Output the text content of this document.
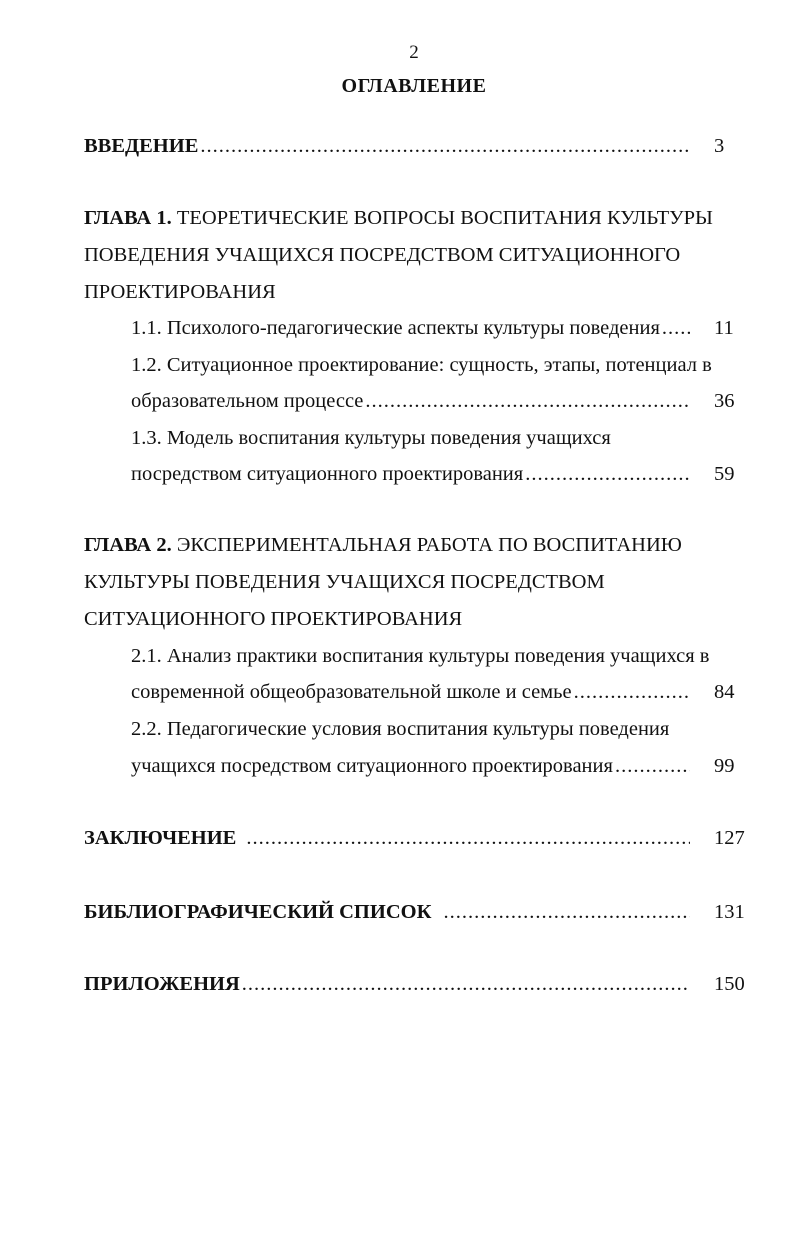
2
ОГЛАВЛЕНИЕ
ВВЕДЕНИЕ .....	3
ГЛАВА 1. ТЕОРЕТИЧЕСКИЕ ВОПРОСЫ ВОСПИТАНИЯ КУЛЬТУРЫ
ПОВЕДЕНИЯ УЧАЩИХСЯ ПОСРЕДСТВОМ СИТУАЦИОННОГО
ПРОЕКТИРОВАНИЯ
1.1. Психолого-педагогические аспекты культуры поведения .....	11
1.2. Ситуационное проектирование: сущность, этапы, потенциал в
образовательном процессе .....	36
1.3. Модель воспитания культуры поведения учащихся
посредством ситуационного проектирования .....	59
ГЛАВА 2. ЭКСПЕРИМЕНТАЛЬНАЯ РАБОТА ПО ВОСПИТАНИЮ
КУЛЬТУРЫ ПОВЕДЕНИЯ УЧАЩИХСЯ ПОСРЕДСТВОМ
СИТУАЦИОННОГО ПРОЕКТИРОВАНИЯ
2.1. Анализ практики воспитания культуры поведения учащихся в
современной общеобразовательной школе и семье .....	84
2.2. Педагогические условия воспитания культуры поведения
учащихся посредством ситуационного проектирования .....	99
ЗАКЛЮЧЕНИЕ .....	127
БИБЛИОГРАФИЧЕСКИЙ СПИСОК .....	131
ПРИЛОЖЕНИЯ .....	150
